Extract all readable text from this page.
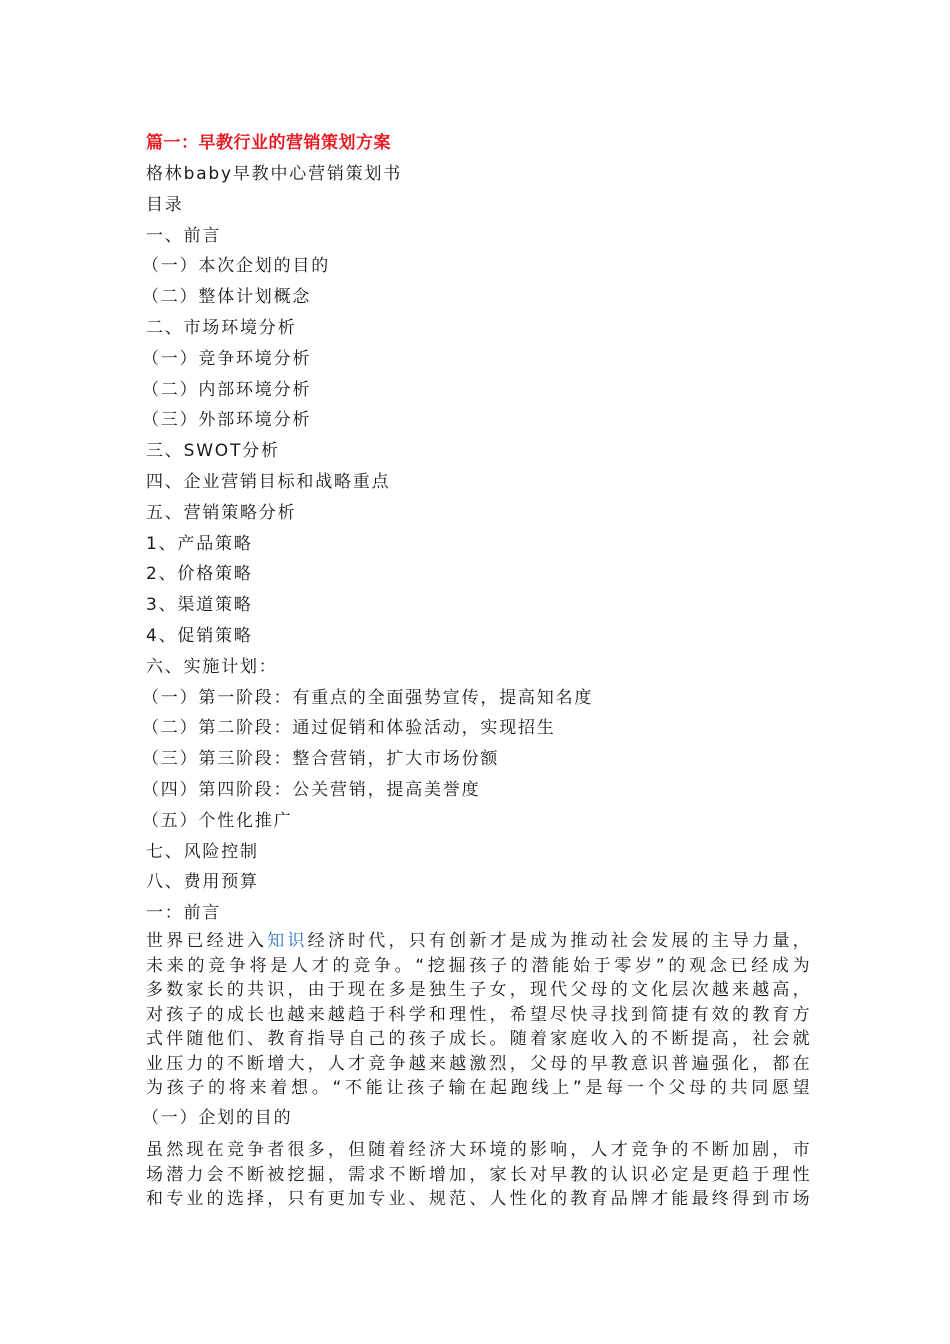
篇一：早教行业的营销策划方案
格林baby早教中心营销策划书
目录
一、前言
（一）本次企划的目的
（二）整体计划概念
二、市场环境分析
（一）竞争环境分析
（二）内部环境分析
（三）外部环境分析
三、SWOT分析
四、企业营销目标和战略重点
五、营销策略分析
1、产品策略
2、价格策略
3、渠道策略
4、促销策略
六、实施计划：
（一）第一阶段：有重点的全面强势宣传，提高知名度
（二）第二阶段：通过促销和体验活动，实现招生
（三）第三阶段：整合营销，扩大市场份额
（四）第四阶段：公关营销，提高美誉度
（五）个性化推广
七、风险控制
八、费用预算
一：前言
世界已经进入知识经济时代，只有创新才是成为推动社会发展的主导力量，
未来的竞争将是人才的竞争。“挖掘孩子的潜能始于零岁”的观念已经成为
多数家长的共识，由于现在多是独生子女，现代父母的文化层次越来越高，
对孩子的成长也越来越趋于科学和理性，希望尽快寻找到简捷有效的教育方
式伴随他们、教育指导自己的孩子成长。随着家庭收入的不断提高，社会就
业压力的不断增大，人才竞争越来越激烈，父母的早教意识普遍强化，都在
为孩子的将来着想。“不能让孩子输在起跑线上”是每一个父母的共同愿望
（一）企划的目的
虽然现在竞争者很多，但随着经济大环境的影响，人才竞争的不断加剧，市
场潜力会不断被挖掘，需求不断增加，家长对早教的认识必定是更趋于理性
和专业的选择，只有更加专业、规范、人性化的教育品牌才能最终得到市场
